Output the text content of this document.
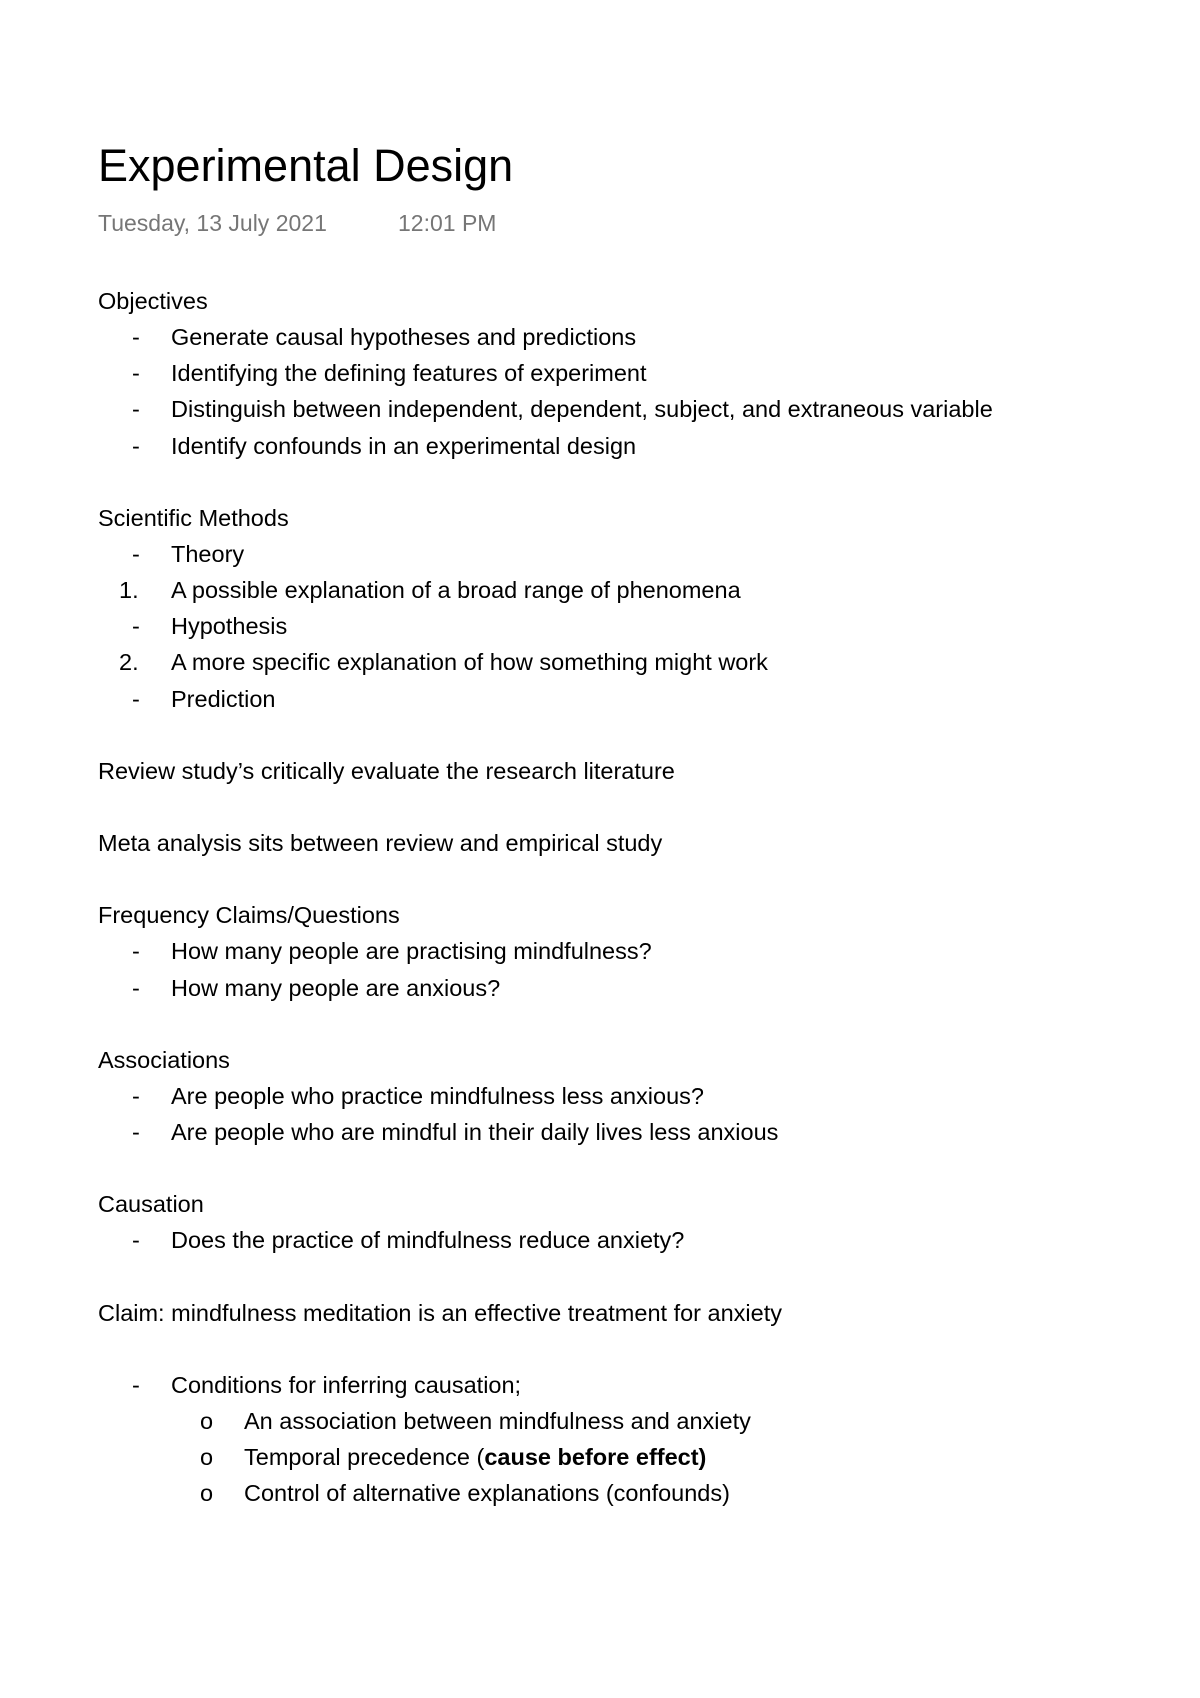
Experimental Design
Tuesday, 13 July 2021	12:01 PM
Objectives
- Generate causal hypotheses and predictions
- Identifying the defining features of experiment
- Distinguish between independent, dependent, subject, and extraneous variable
- Identify confounds in an experimental design
Scientific Methods
- Theory
1. A possible explanation of a broad range of phenomena
- Hypothesis
2. A more specific explanation of how something might work
- Prediction
Review study’s critically evaluate the research literature
Meta analysis sits between review and empirical study
Frequency Claims/Questions
- How many people are practising mindfulness?
- How many people are anxious?
Associations
- Are people who practice mindfulness less anxious?
- Are people who are mindful in their daily lives less anxious
Causation
- Does the practice of mindfulness reduce anxiety?
Claim: mindfulness meditation is an effective treatment for anxiety
- Conditions for inferring causation;
o An association between mindfulness and anxiety
o Temporal precedence (cause before effect)
o Control of alternative explanations (confounds)
